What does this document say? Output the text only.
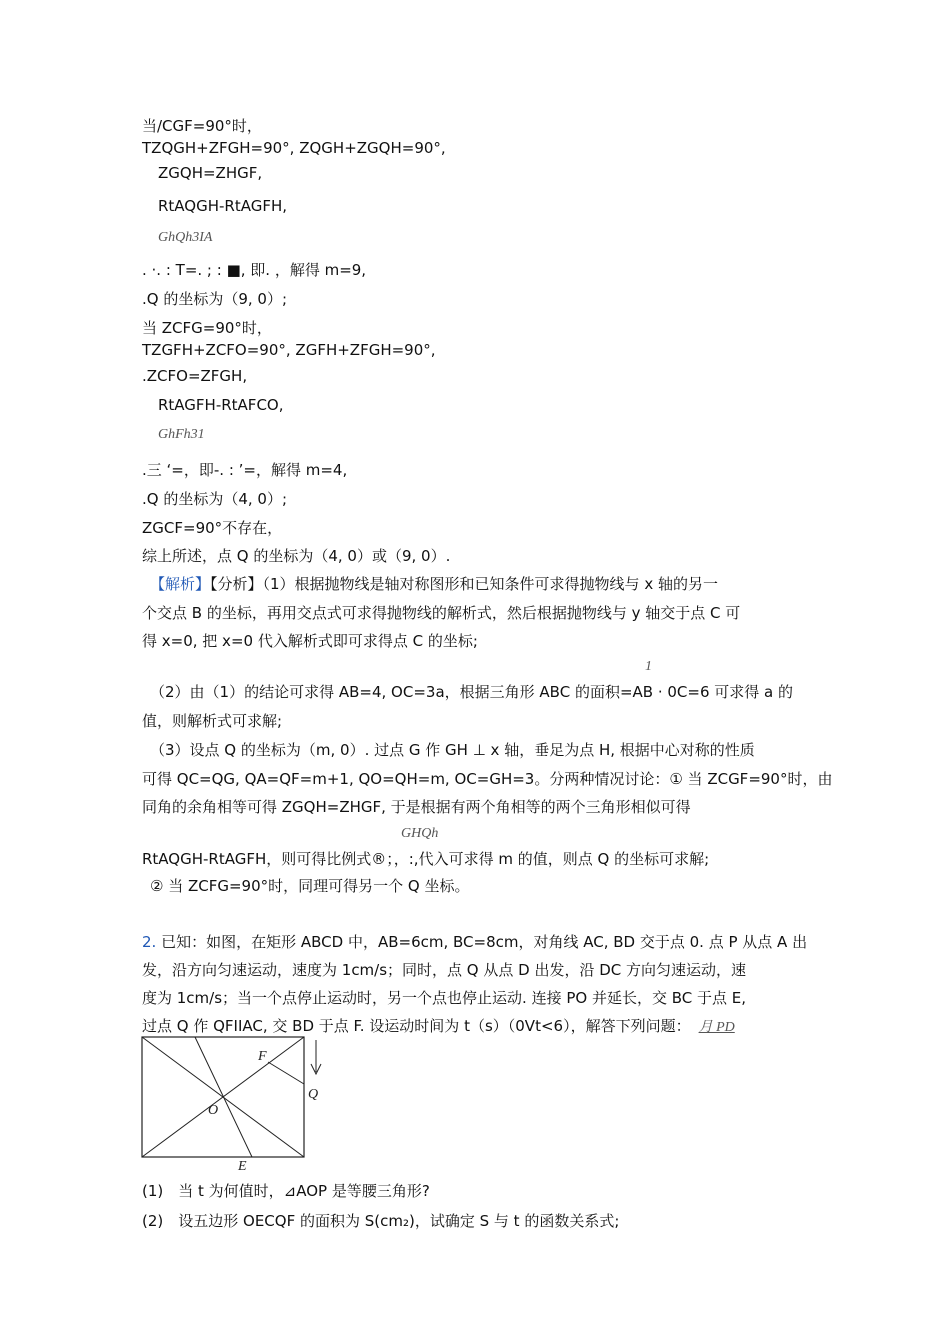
当/CGF=90°时，
TZQGH+ZFGH=90°, ZQGH+ZGQH=90°,
ZGQH=ZHGF,
RtAQGH-RtAGFH,
GhQh3IA
. ·. : T=. ; : ■, 即. ，解得 m=9,
.Q 的坐标为（9, 0）;
当 ZCFG=90°时，
TZGFH+ZCFO=90°, ZGFH+ZFGH=90°,
.ZCFO=ZFGH,
RtAGFH-RtAFCO,
GhFh31
.三 ‘=，即-. : ’=，解得 m=4,
.Q 的坐标为（4, 0）;
ZGCF=90°不存在，
综上所述，点 Q 的坐标为（4, 0）或（9, 0）.
【解析】【分析】（1）根据抛物线是轴对称图形和已知条件可求得抛物线与 x 轴的另一
个交点 B 的坐标，再用交点式可求得抛物线的解析式，然后根据抛物线与 y 轴交于点 C 可
得 x=0, 把 x=0 代入解析式即可求得点 C 的坐标;
1
（2）由（1）的结论可求得 AB=4, OC=3a，根据三角形 ABC 的面积=AB · 0C=6 可求得 a 的
值，则解析式可求解;
（3）设点 Q 的坐标为（m, 0）. 过点 G 作 GH ⊥ x 轴，垂足为点 H, 根据中心对称的性质
可得 QC=QG, QA=QF=m+1, QO=QH=m, OC=GH=3。分两种情况讨论：① 当 ZCGF=90°时，由
同角的余角相等可得 ZGQH=ZHGF, 于是根据有两个角相等的两个三角形相似可得
GHQh
RtAQGH-RtAGFH，则可得比例式®；，:,代入可求得 m 的值，则点 Q 的坐标可求解;
② 当 ZCFG=90°时，同理可得另一个 Q 坐标。
2. 已知：如图，在矩形 ABCD 中，AB=6cm, BC=8cm，对角线 AC, BD 交于点 0. 点 P 从点 A 出
发，沿方向匀速运动，速度为 1cm/s；同时，点 Q 从点 D 出发，沿 DC 方向匀速运动，速
度为 1cm/s；当一个点停止运动时，另一个点也停止运动. 连接 PO 并延长，交 BC 于点 E,
过点 Q 作 QFIIAC, 交 BD 于点 F. 设运动时间为 t（s）（0Vt<6），解答下列问题： 月 PD
F
O
Q
E
(1)　当 t 为何值时，⊿AOP 是等腰三角形?
(2)　设五边形 OECQF 的面积为 S(cm₂)，试确定 S 与 t 的函数关系式;
